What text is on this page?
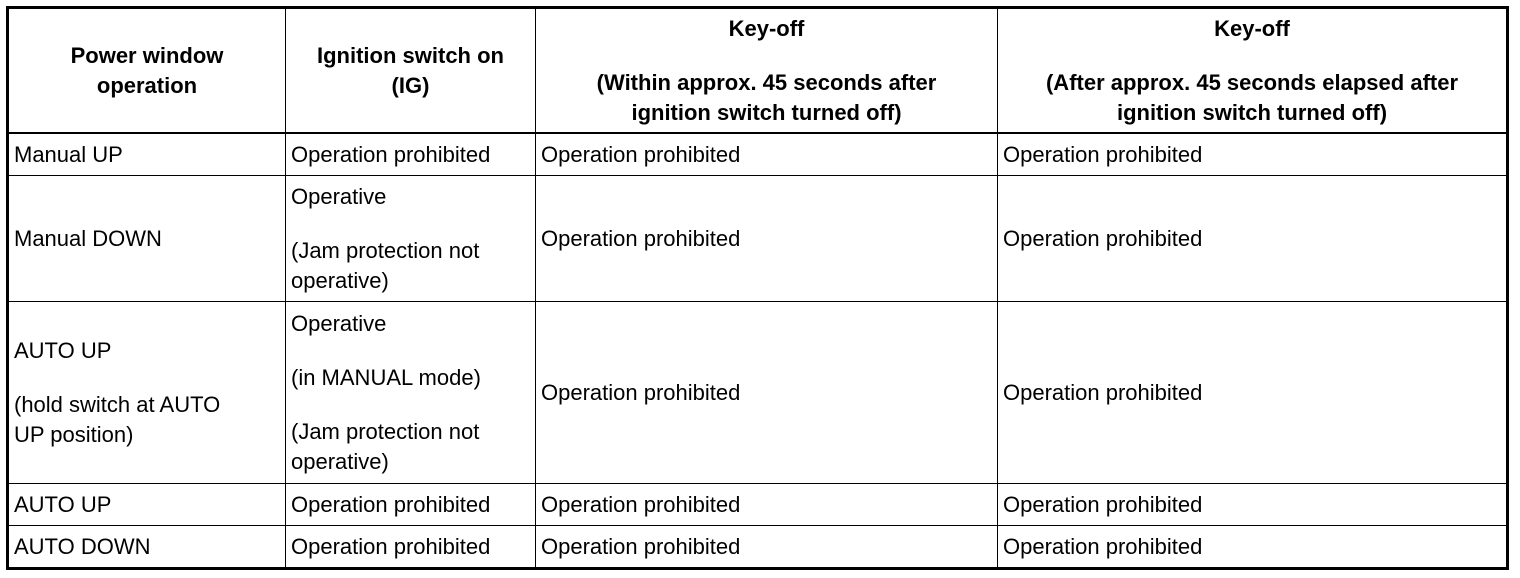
Power window
operation	Ignition switch on
(IG)	Key-off
(Within approx. 45 seconds after
ignition switch turned off)	Key-off
(After approx. 45 seconds elapsed after
ignition switch turned off)

Manual UP	Operation prohibited	Operation prohibited	Operation prohibited

Manual DOWN	Operative
(Jam protection not
operative)	Operation prohibited	Operation prohibited

AUTO UP
(hold switch at AUTO
UP position)	Operative
(in MANUAL mode)
(Jam protection not
operative)	Operation prohibited	Operation prohibited

AUTO UP	Operation prohibited	Operation prohibited	Operation prohibited

AUTO DOWN	Operation prohibited	Operation prohibited	Operation prohibited
